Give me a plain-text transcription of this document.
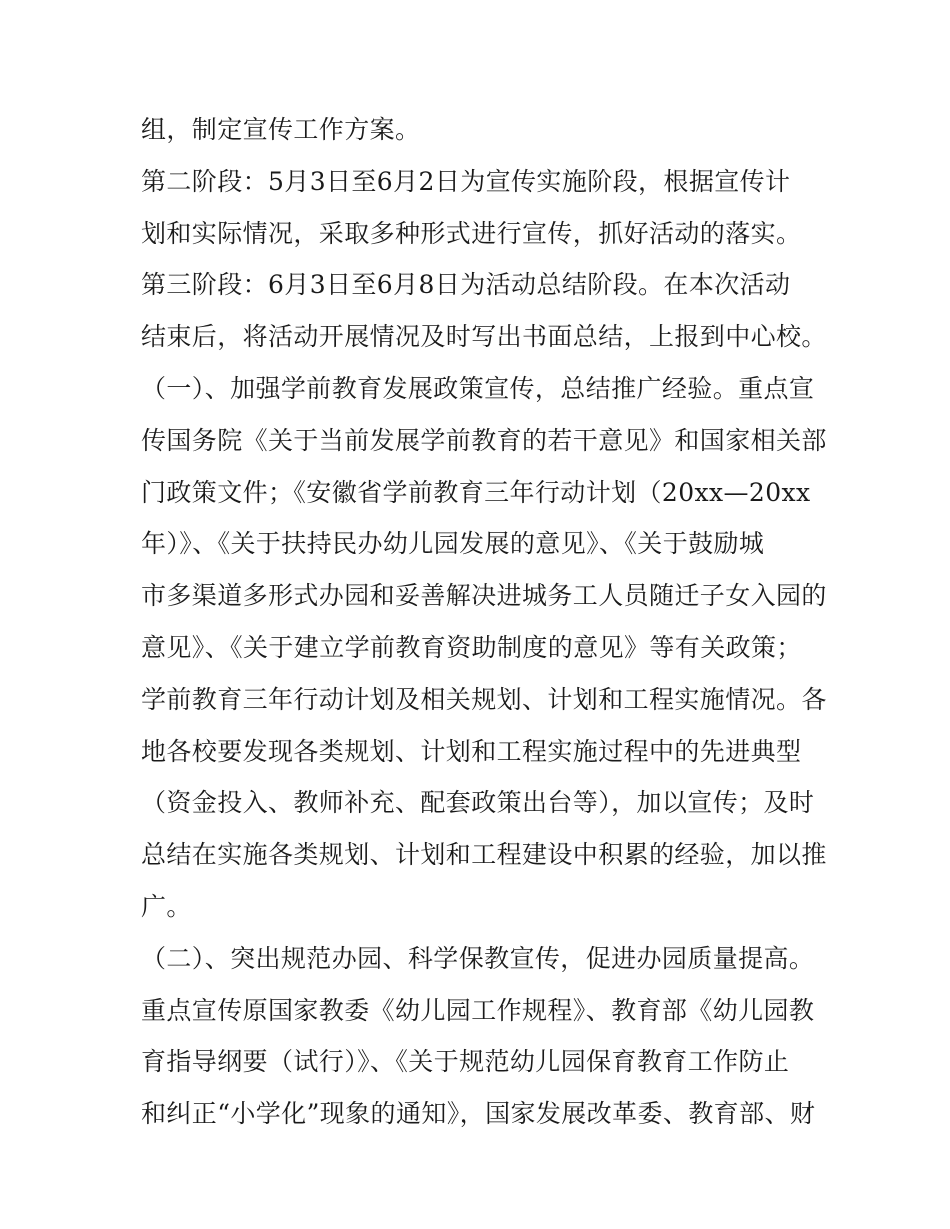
组，制定宣传工作方案。
第二阶段：5月3日至6月2日为宣传实施阶段，根据宣传计
划和实际情况，采取多种形式进行宣传，抓好活动的落实。
第三阶段：6月3日至6月8日为活动总结阶段。在本次活动
结束后，将活动开展情况及时写出书面总结，上报到中心校。
（一）、加强学前教育发展政策宣传，总结推广经验。重点宣
传国务院《关于当前发展学前教育的若干意见》和国家相关部
门政策文件；《安徽省学前教育三年行动计划（20xx—20xx
年）》、《关于扶持民办幼儿园发展的意见》、《关于鼓励城
市多渠道多形式办园和妥善解决进城务工人员随迁子女入园的
意见》、《关于建立学前教育资助制度的意见》等有关政策；
学前教育三年行动计划及相关规划、计划和工程实施情况。各
地各校要发现各类规划、计划和工程实施过程中的先进典型
（资金投入、教师补充、配套政策出台等），加以宣传；及时
总结在实施各类规划、计划和工程建设中积累的经验，加以推
广。
（二）、突出规范办园、科学保教宣传，促进办园质量提高。
重点宣传原国家教委《幼儿园工作规程》、教育部《幼儿园教
育指导纲要（试行）》、《关于规范幼儿园保育教育工作防止
和纠正“小学化”现象的通知》，国家发展改革委、教育部、财
